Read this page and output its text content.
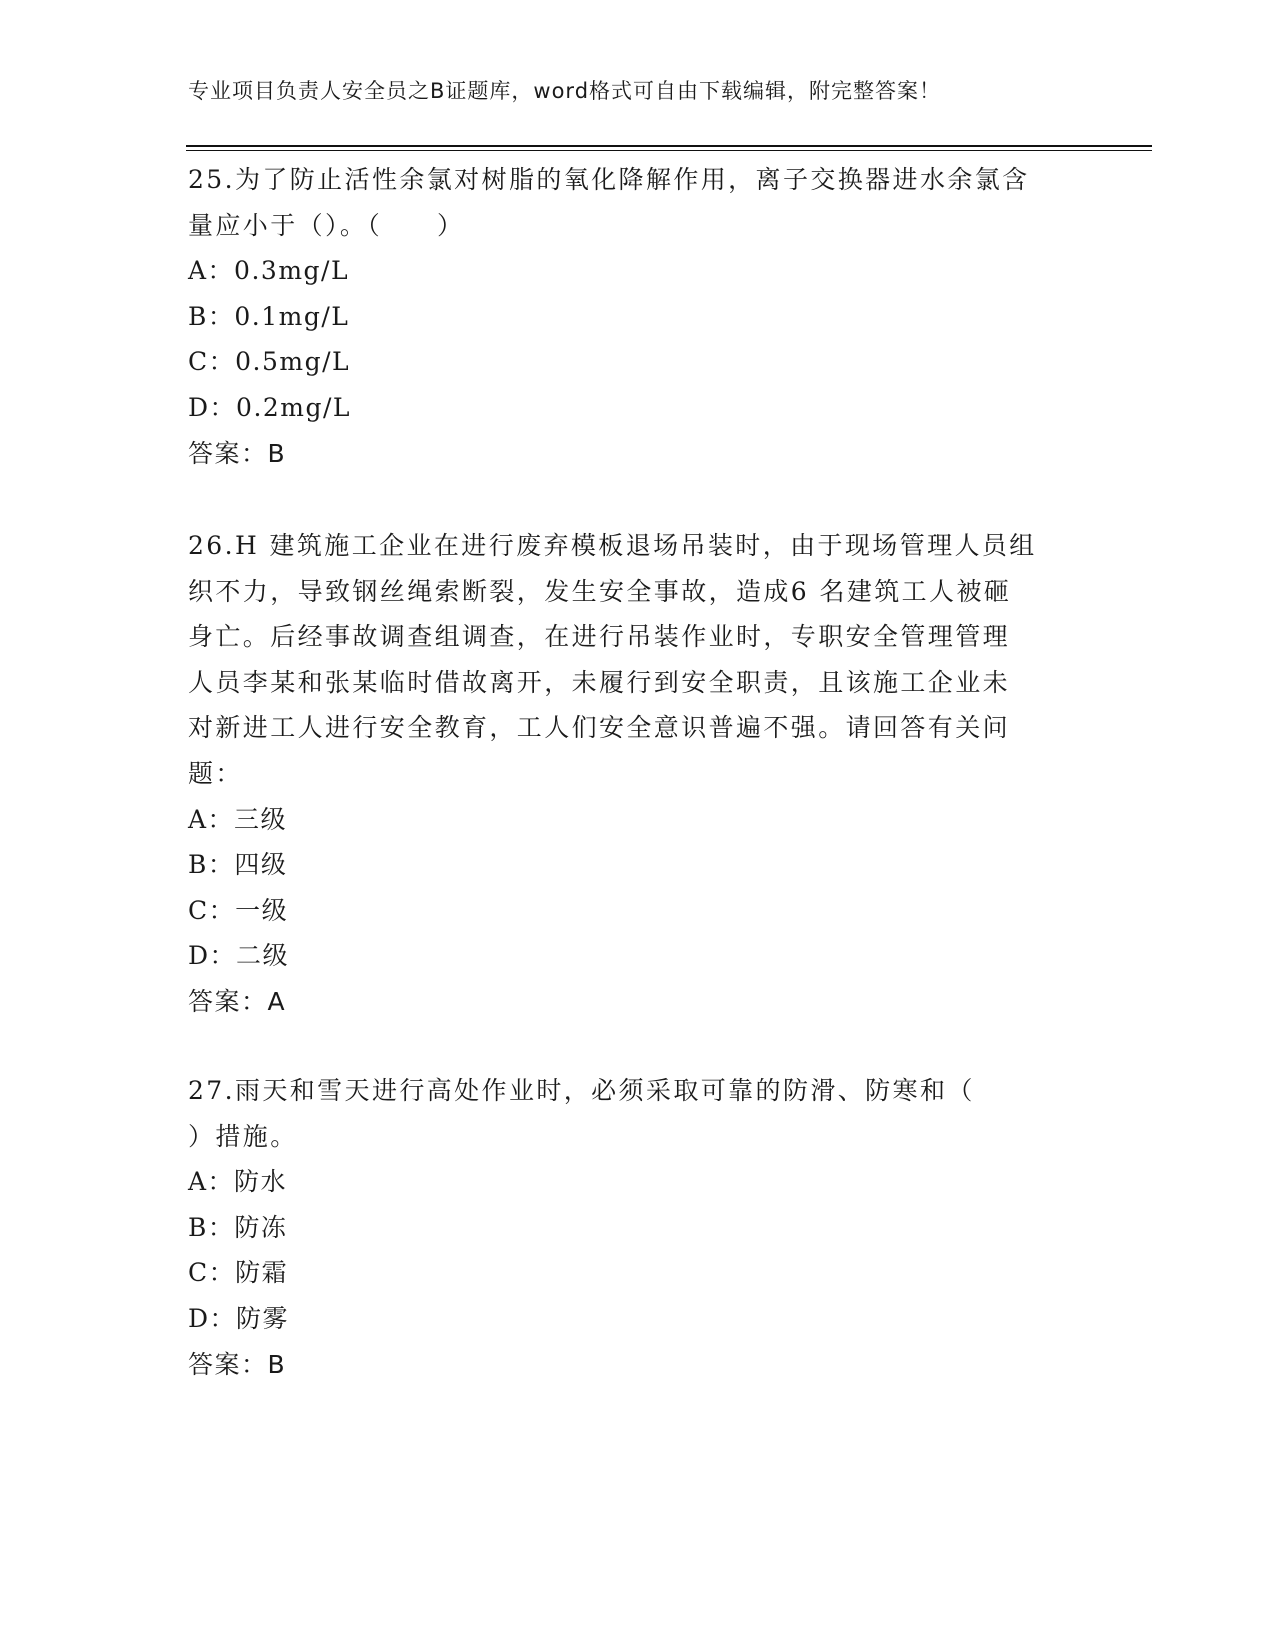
专业项目负责人安全员之B证题库，word格式可自由下载编辑，附完整答案！
25.为了防止活性余氯对树脂的氧化降解作用，离子交换器进水余氯含
量应小于（）。（　　）
A：0.3mg/L
B：0.1mg/L
C：0.5mg/L
D：0.2mg/L
答案：B
26.H 建筑施工企业在进行废弃模板退场吊装时，由于现场管理人员组
织不力，导致钢丝绳索断裂，发生安全事故，造成6 名建筑工人被砸
身亡。后经事故调查组调查，在进行吊装作业时，专职安全管理管理
人员李某和张某临时借故离开，未履行到安全职责，且该施工企业未
对新进工人进行安全教育，工人们安全意识普遍不强。请回答有关问
题：
A：三级
B：四级
C：一级
D：二级
答案：A
27.雨天和雪天进行高处作业时，必须采取可靠的防滑、防寒和（
）措施。
A：防水
B：防冻
C：防霜
D：防雾
答案：B
